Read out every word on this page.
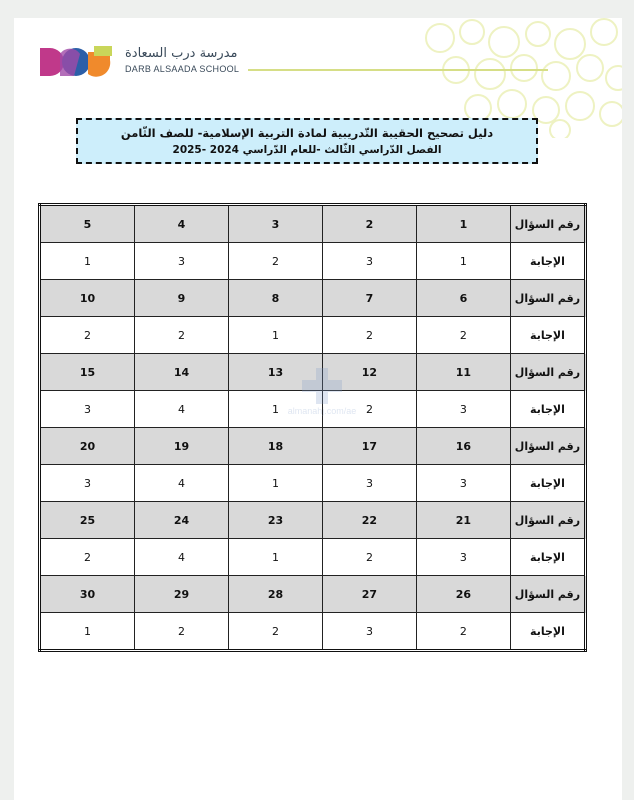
مدرسة درب السعادة
DARB ALSAADA SCHOOL
دليل تصحيح الحقيبة التّدريبية لمادة التربية الإسلامية- للصف الثّامن
الفصل الدّراسي الثّالث -للعام الدّراسي 2024 -2025
رقم السؤال	1	2	3	4	5
الإجابة	1	3	2	3	1
رقم السؤال	6	7	8	9	10
الإجابة	2	2	1	2	2
رقم السؤال	11	12	13	14	15
الإجابة	3	2	1	4	3
رقم السؤال	16	17	18	19	20
الإجابة	3	3	1	4	3
رقم السؤال	21	22	23	24	25
الإجابة	3	2	1	4	2
رقم السؤال	26	27	28	29	30
الإجابة	2	3	2	2	1
almanahj.com/ae
